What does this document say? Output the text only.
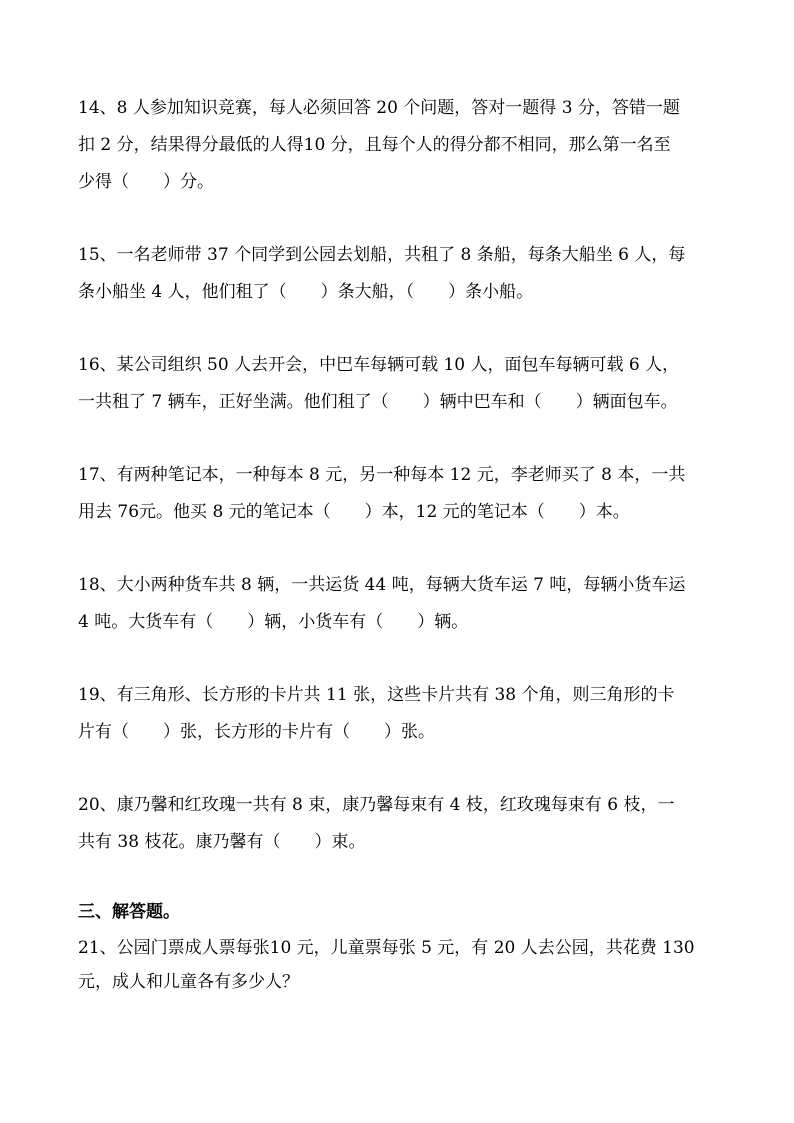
14、8 人参加知识竞赛，每人必须回答 20 个问题，答对一题得 3 分，答错一题
扣 2 分，结果得分最低的人得10 分，且每个人的得分都不相同，那么第一名至
少得（　　）分。
15、一名老师带 37 个同学到公园去划船，共租了 8 条船，每条大船坐 6 人，每
条小船坐 4 人，他们租了（　　）条大船，（　　）条小船。
16、某公司组织 50 人去开会，中巴车每辆可载 10 人，面包车每辆可载 6 人，
一共租了 7 辆车，正好坐满。他们租了（　　）辆中巴车和（　　）辆面包车。
17、有两种笔记本，一种每本 8 元，另一种每本 12 元，李老师买了 8 本，一共
用去 76元。他买 8 元的笔记本（　　）本，12 元的笔记本（　　）本。
18、大小两种货车共 8 辆，一共运货 44 吨，每辆大货车运 7 吨，每辆小货车运
4 吨。大货车有（　　）辆，小货车有（　　）辆。
19、有三角形、长方形的卡片共 11 张，这些卡片共有 38 个角，则三角形的卡
片有（　　）张，长方形的卡片有（　　）张。
20、康乃馨和红玫瑰一共有 8 束，康乃馨每束有 4 枝，红玫瑰每束有 6 枝，一
共有 38 枝花。康乃馨有（　　）束。
三、解答题。
21、公园门票成人票每张10 元，儿童票每张 5 元，有 20 人去公园，共花费 130
元，成人和儿童各有多少人？
